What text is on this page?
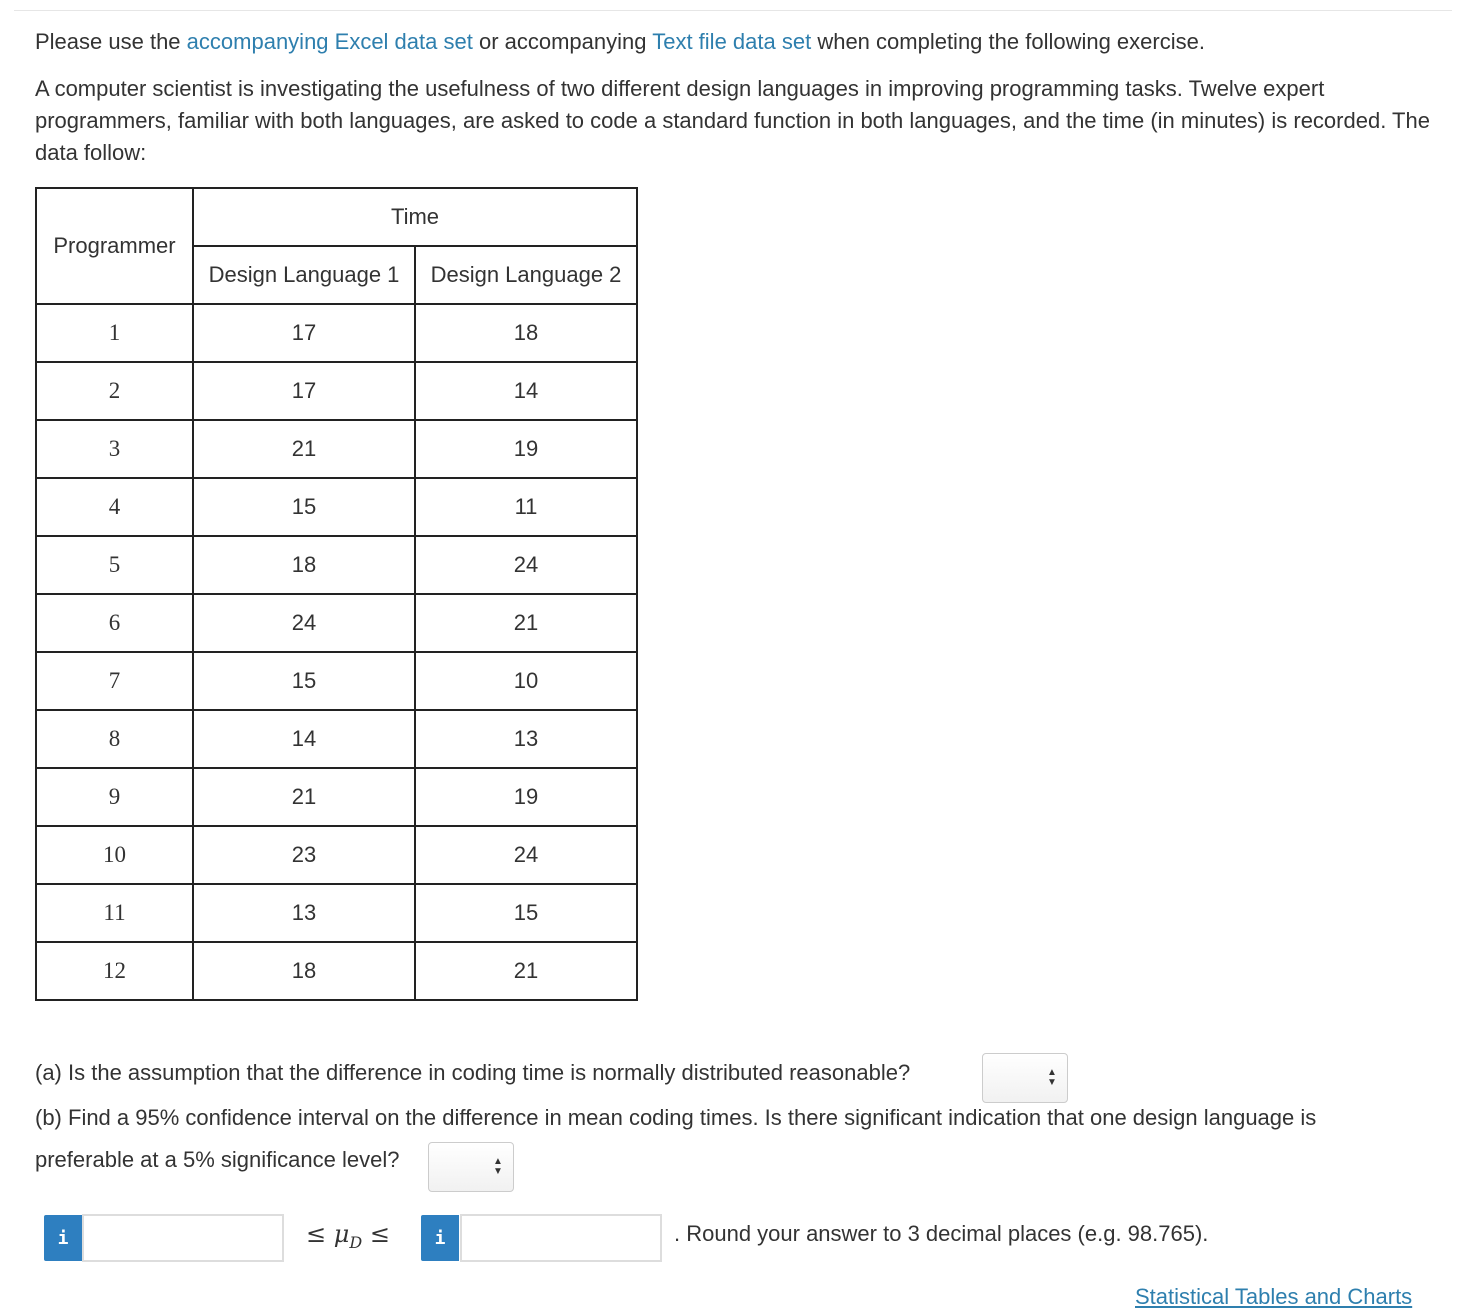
Please use the accompanying Excel data set or accompanying Text file data set when completing the following exercise.

A computer scientist is investigating the usefulness of two different design languages in improving programming tasks. Twelve expert programmers, familiar with both languages, are asked to code a standard function in both languages, and the time (in minutes) is recorded. The data follow:

Programmer	Time	
	Design Language 1	Design Language 2
1	17	18
2	17	14
3	21	19
4	15	11
5	18	24
6	24	21
7	15	10
8	14	13
9	21	19
10	23	24
11	13	15
12	18	21
(a) Is the assumption that the difference in coding time is normally distributed reasonable?	▲
▼
(b) Find a 95% confidence interval on the difference in mean coding times. Is there significant indication that one design language is
preferable at a 5% significance level?	▲
▼
i	≤ $\mu_D$ ≤	i	. Round your answer to 3 decimal places (e.g. 98.765).
Statistical Tables and Charts
